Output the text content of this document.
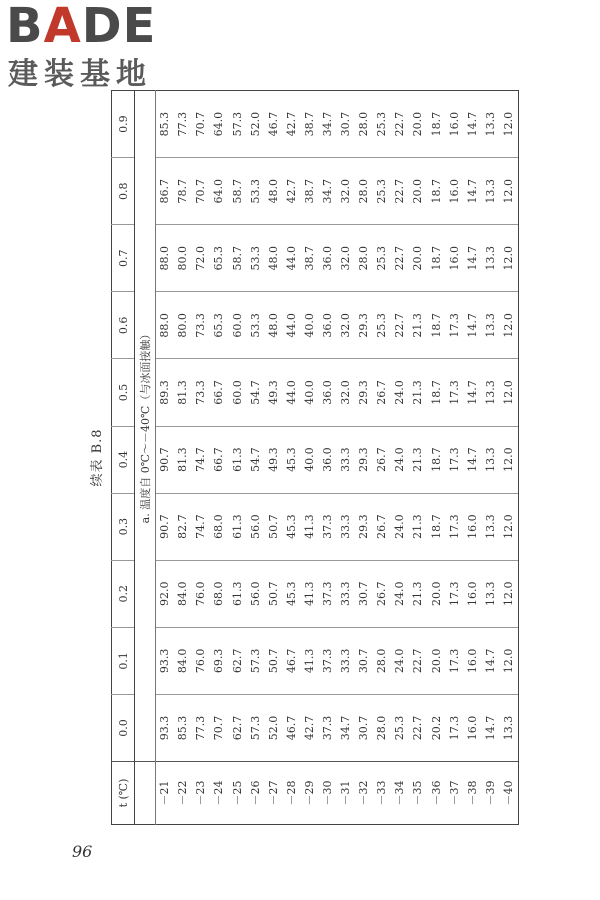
BADE
建装基地
续表 B.8
t (℃)	0.0	0.1	0.2	0.3	0.4	0.5	0.6	0.7	0.8	0.9
	a. 温度自 0℃～－40℃（与冰面接触）									
－21	93.3	93.3	92.0	90.7	90.7	89.3	88.0	88.0	86.7	85.3
－22	85.3	84.0	84.0	82.7	81.3	81.3	80.0	80.0	78.7	77.3
－23	77.3	76.0	76.0	74.7	74.7	73.3	73.3	72.0	70.7	70.7
－24	70.7	69.3	68.0	68.0	66.7	66.7	65.3	65.3	64.0	64.0
－25	62.7	62.7	61.3	61.3	61.3	60.0	60.0	58.7	58.7	57.3
－26	57.3	57.3	56.0	56.0	54.7	54.7	53.3	53.3	53.3	52.0
－27	52.0	50.7	50.7	50.7	49.3	49.3	48.0	48.0	48.0	46.7
－28	46.7	46.7	45.3	45.3	45.3	44.0	44.0	44.0	42.7	42.7
－29	42.7	41.3	41.3	41.3	40.0	40.0	40.0	38.7	38.7	38.7
－30	37.3	37.3	37.3	37.3	36.0	36.0	36.0	36.0	34.7	34.7
－31	34.7	33.3	33.3	33.3	33.3	32.0	32.0	32.0	32.0	30.7
－32	30.7	30.7	30.7	29.3	29.3	29.3	29.3	28.0	28.0	28.0
－33	28.0	28.0	26.7	26.7	26.7	26.7	25.3	25.3	25.3	25.3
－34	25.3	24.0	24.0	24.0	24.0	24.0	22.7	22.7	22.7	22.7
－35	22.7	22.7	21.3	21.3	21.3	21.3	21.3	20.0	20.0	20.0
－36	20.2	20.0	20.0	18.7	18.7	18.7	18.7	18.7	18.7	18.7
－37	17.3	17.3	17.3	17.3	17.3	17.3	17.3	16.0	16.0	16.0
－38	16.0	16.0	16.0	16.0	14.7	14.7	14.7	14.7	14.7	14.7
－39	14.7	14.7	13.3	13.3	13.3	13.3	13.3	13.3	13.3	13.3
－40	13.3	12.0	12.0	12.0	12.0	12.0	12.0	12.0	12.0	12.0
96
